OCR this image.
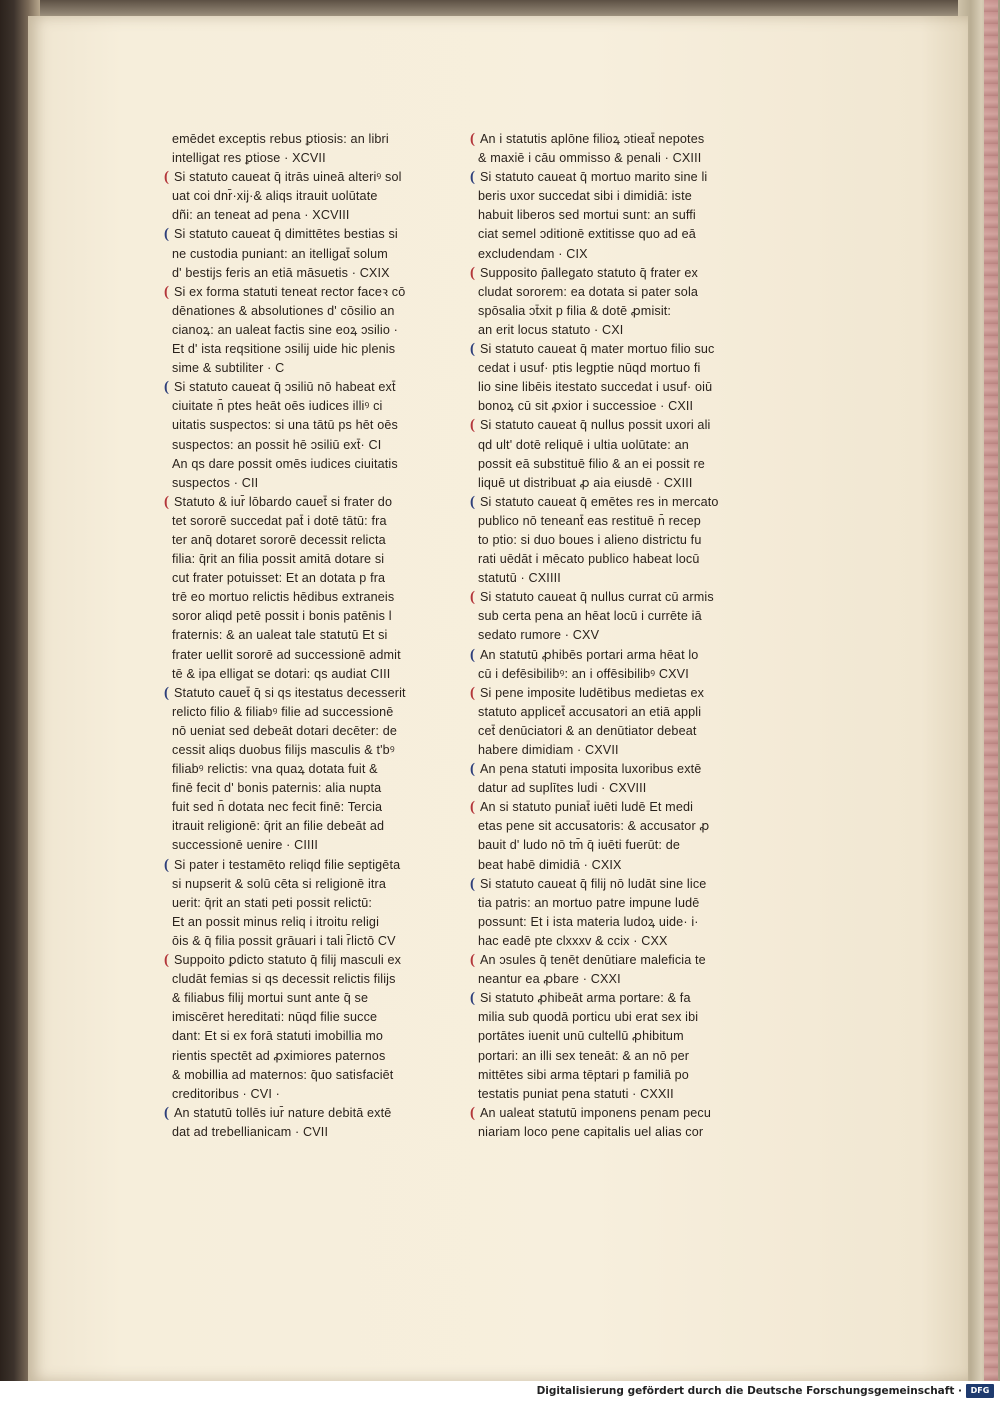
emēdet exceptis rebus ꝑtiosis: an libri
intelligat res ꝑtiose · XCVII
( Si statuto caueat q̄ itrās uineā alteriꝰ sol
uat coi dnr̄·xij·& aliqs itrauit uolūtate
dñi: an teneat ad pena · XCVIII
( Si statuto caueat q̄ dimittētes bestias si
ne custodia puniant: an itelligat̄ solum
d' bestijs feris an etiā māsuetis · CXIX
( Si ex forma statuti teneat rector faceꝛ cō
dēnationes & absolutiones d' cōsilio an
cianoꝝ: an ualeat factis sine eoꝝ ɔsilio ·
Et d' ista reqsitione ɔsilij uide hic plenis
sime & subtiliter · C
( Si statuto caueat q̄ ɔsiliū nō habeat ext̄
ciuitate n̄ ptes heāt oēs iudices illiꝰ ci
uitatis suspectos: si una tātū ps hēt oēs
suspectos: an possit hē ɔsiliū ext̄· CI
An qs dare possit omēs iudices ciuitatis
suspectos · CII
( Statuto & iur̄ lōbardo cauet̄ si frater do
tet sororē succedat pat̄ i dotē tātū: fra
ter anq̄ dotaret sororē decessit relicta
filia: q̄rit an filia possit amitā dotare si
cut frater potuisset: Et an dotata p fra
trē eo mortuo relictis hēdibus extraneis
soror aliqd petē possit i bonis patēnis l
fraternis: & an ualeat tale statutū Et si
frater uellit sororē ad successionē admit
tē & ipa elligat se dotari: qs audiat CIII
( Statuto cauet̄ q̄ si qs itestatus decesserit
relicto filio & filiabꝰ filie ad successionē
nō ueniat sed debeāt dotari decēter: de
cessit aliqs duobus filijs masculis & t'bꝰ
filiabꝰ relictis: vna quaꝝ dotata fuit &
finē fecit d' bonis paternis: alia nupta
fuit sed n̄ dotata nec fecit finē: Tercia
itrauit religionē: q̄rit an filie debeāt ad
successionē uenire · CIIII
( Si pater i testamēto reliqd filie septigēta
si nupserit & solū cēta si religionē itra
uerit: q̄rit an stati peti possit relictū:
Et an possit minus reliq i itroitu religi
ōis & q̄ filia possit grāuari i tali r̄lictō CV
( Suppoito ꝑdicto statuto q̄ filij masculi ex
cludāt femias si qs decessit relictis filijs
& filiabus filij mortui sunt ante q̄ se
imiscēret hereditati: nūqd filie succe
dant: Et si ex forā statuti imobillia mo
rientis spectēt ad ꝓximiores paternos
& mobillia ad maternos: q̄uo satisfaciēt
creditoribus · CVI ·
( An statutū tollēs iur̄ nature debitā extē
dat ad trebellianicam · CVII
( An i statutis aplōne filioꝝ ɔtieat̄ nepotes
& maxiē i cāu ommisso & penali · CXIII
( Si statuto caueat q̄ mortuo marito sine li
beris uxor succedat sibi i dimidiā: iste
habuit liberos sed mortui sunt: an suffi
ciat semel ɔditionē extitisse quo ad eā
excludendam · CIX
( Supposito p̄allegato statuto q̄ frater ex
cludat sororem: ea dotata si pater sola
spōsalia ɔt̄xit p filia & dotē ꝓmisit:
an erit locus statuto · CXI
( Si statuto caueat q̄ mater mortuo filio suc
cedat i usuf· ptis legptie nūqd mortuo fi
lio sine libēis itestato succedat i usuf· oiū
bonoꝝ cū sit ꝓxior i successioe · CXII
( Si statuto caueat q̄ nullus possit uxori ali
qd ult' dotē reliquē i ultia uolūtate: an
possit eā substituē filio & an ei possit re
liquē ut distribuat ꝓ aia eiusdē · CXIII
( Si statuto caueat q̄ emētes res in mercato
publico nō teneant̄ eas restituē n̄ recep
to ptio: si duo boues i alieno districtu fu
rati uēdāt i mēcato publico habeat locū
statutū · CXIIII
( Si statuto caueat q̄ nullus currat cū armis
sub certa pena an hēat locū i currēte iā
sedato rumore · CXV
( An statutū ꝓhibēs portari arma hēat lo
cū i defēsibilibꝰ: an i offēsibilibꝰ CXVI
( Si pene imposite ludētibus medietas ex
statuto applicet̄ accusatori an etiā appli
cet̄ denūciatori & an denūtiator debeat
habere dimidiam · CXVII
( An pena statuti imposita luxoribus extē
datur ad suplītes ludi · CXVIII
( An si statuto puniat̄ iuēti ludē Et medi
etas pene sit accusatoris: & accusator ꝓ
bauit d' ludo nō tm̄ q̄ iuēti fuerūt: de
beat habē dimidiā · CXIX
( Si statuto caueat q̄ filij nō ludāt sine lice
tia patris: an mortuo patre impune ludē
possunt: Et i ista materia ludoꝝ uide· i·
hac eadē pte clxxxv & ccix · CXX
( An ɔsules q̄ tenēt denūtiare maleficia te
neantur ea ꝓbare · CXXI
( Si statuto ꝓhibeāt arma portare: & fa
milia sub quodā porticu ubi erat sex ibi
portātes iuenit unū cultellū ꝓhibitum
portari: an illi sex teneāt: & an nō per
mittētes sibi arma tēptari p familiā po
testatis puniat pena statuti · CXXII
( An ualeat statutū imponens penam pecu
niariam loco pene capitalis uel alias cor
Digitalisierung gefördert durch die Deutsche Forschungsgemeinschaft ·	DFG
